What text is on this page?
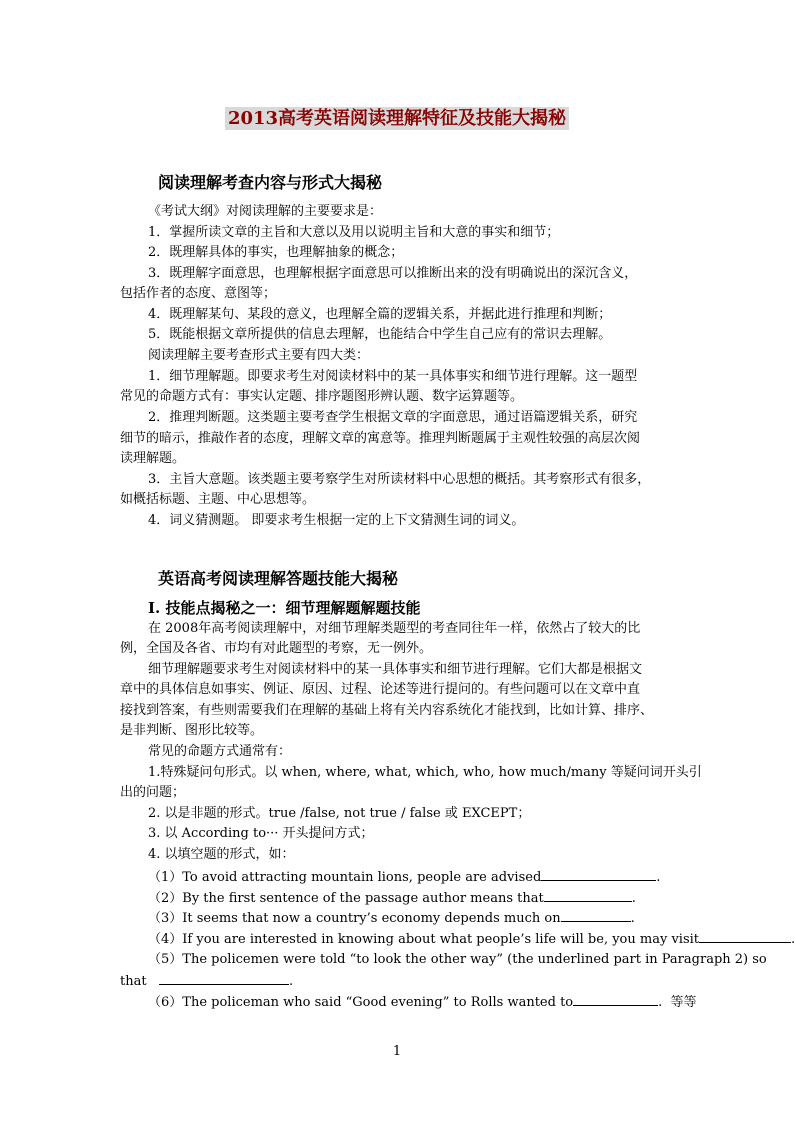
2013高考英语阅读理解特征及技能大揭秘
阅读理解考查内容与形式大揭秘
《考试大纲》对阅读理解的主要要求是：
1．掌握所读文章的主旨和大意以及用以说明主旨和大意的事实和细节；
2．既理解具体的事实，也理解抽象的概念；
3．既理解字面意思，也理解根据字面意思可以推断出来的没有明确说出的深沉含义，
包括作者的态度、意图等；
4．既理解某句、某段的意义，也理解全篇的逻辑关系，并据此进行推理和判断；
5．既能根据文章所提供的信息去理解，也能结合中学生自己应有的常识去理解。
阅读理解主要考查形式主要有四大类：
1．细节理解题。即要求考生对阅读材料中的某一具体事实和细节进行理解。这一题型
常见的命题方式有：事实认定题、排序题图形辨认题、数字运算题等。
2．推理判断题。这类题主要考查学生根据文章的字面意思，通过语篇逻辑关系，研究
细节的暗示，推敲作者的态度，理解文章的寓意等。推理判断题属于主观性较强的高层次阅
读理解题。
3．主旨大意题。该类题主要考察学生对所读材料中心思想的概括。其考察形式有很多，
如概括标题、主题、中心思想等。
4．词义猜测题。 即要求考生根据一定的上下文猜测生词的词义。
英语高考阅读理解答题技能大揭秘
I. 技能点揭秘之一：细节理解题解题技能
在 2008年高考阅读理解中，对细节理解类题型的考查同往年一样，依然占了较大的比
例，全国及各省、市均有对此题型的考察，无一例外。
细节理解题要求考生对阅读材料中的某一具体事实和细节进行理解。它们大都是根据文
章中的具体信息如事实、例证、原因、过程、论述等进行提问的。有些问题可以在文章中直
接找到答案，有些则需要我们在理解的基础上将有关内容系统化才能找到，比如计算、排序、
是非判断、图形比较等。
常见的命题方式通常有：
1.特殊疑问句形式。以 when, where, what, which, who, how much/many 等疑问词开头引
出的问题；
2. 以是非题的形式。true /false, not true / false 或 EXCEPT；
3. 以 According to··· 开头提问方式；
4. 以填空题的形式，如：
（1）To avoid attracting mountain lions, people are advised	.
（2）By the first sentence of the passage author means that	.
（3）It seems that now a country’s economy depends much on	.
（4）If you are interested in knowing about what people’s life will be, you may visit	.
（5）The policemen were told “to look the other way” (the underlined part in Paragraph 2) so
that	.
（6）The policeman who said “Good evening” to Rolls wanted to	.  等等
1
